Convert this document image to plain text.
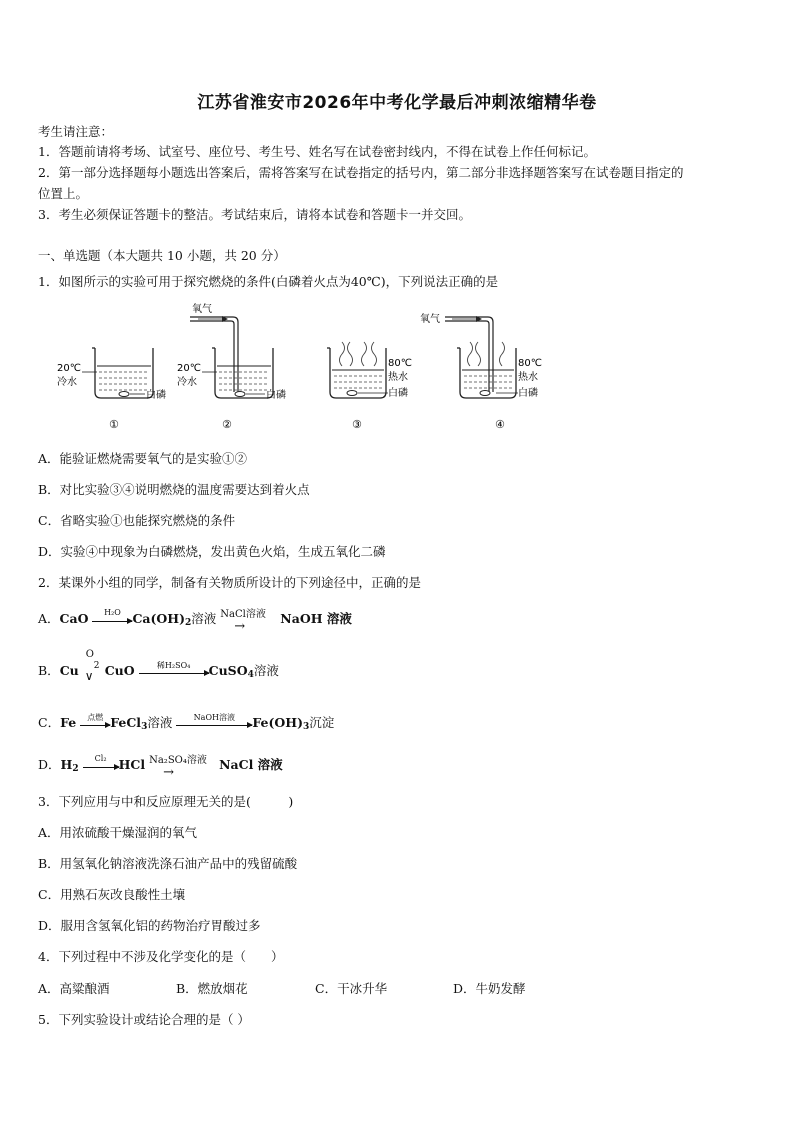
江苏省淮安市2026年中考化学最后冲刺浓缩精华卷
考生请注意：
1．答题前请将考场、试室号、座位号、考生号、姓名写在试卷密封线内，不得在试卷上作任何标记。
2．第一部分选择题每小题选出答案后，需将答案写在试卷指定的括号内，第二部分非选择题答案写在试卷题目指定的
位置上。
3．考生必须保证答题卡的整洁。考试结束后，请将本试卷和答题卡一并交回。
一、单选题（本大题共 10 小题，共 20 分）
1．如图所示的实验可用于探究燃烧的条件(白磷着火点为40℃)，下列说法正确的是
20℃
冷水
白磷
①
氧气
20℃
冷水
白磷
②
80℃
热水
白磷
③
氧气
80℃
热水
白磷
④
A．能验证燃烧需要氧气的是实验①②
B．对比实验③④说明燃烧的温度需要达到着火点
C．省略实验①也能探究燃烧的条件
D．实验④中现象为白磷燃烧，发出黄色火焰，生成五氧化二磷
2．某课外小组的同学，制备有关物质所设计的下列途径中，正确的是
A．CaO	H₂O $Ca(OH)_2$溶液 NaCl溶液
→	NaOH 溶液
B．Cu
O
2
∨ CuO	稀H₂SO₄	CuSO$_4$溶液
C．Fe	点燃 FeCl$_3$溶液	NaOH溶液	$Fe(OH)_3$沉淀
D．$H_2$
Cl₂ HCl Na₂SO₄溶液
→	NaCl 溶液
3．下列应用与中和反应原理无关的是(　　　)
A．用浓硫酸干燥湿润的氧气
B．用氢氧化钠溶液洗涤石油产品中的残留硫酸
C．用熟石灰改良酸性土壤
D．服用含氢氧化铝的药物治疗胃酸过多
4．下列过程中不涉及化学变化的是（　　）
A．高粱酿酒	B．燃放烟花	C．干冰升华	D．牛奶发酵
5．下列实验设计或结论合理的是（ ）
